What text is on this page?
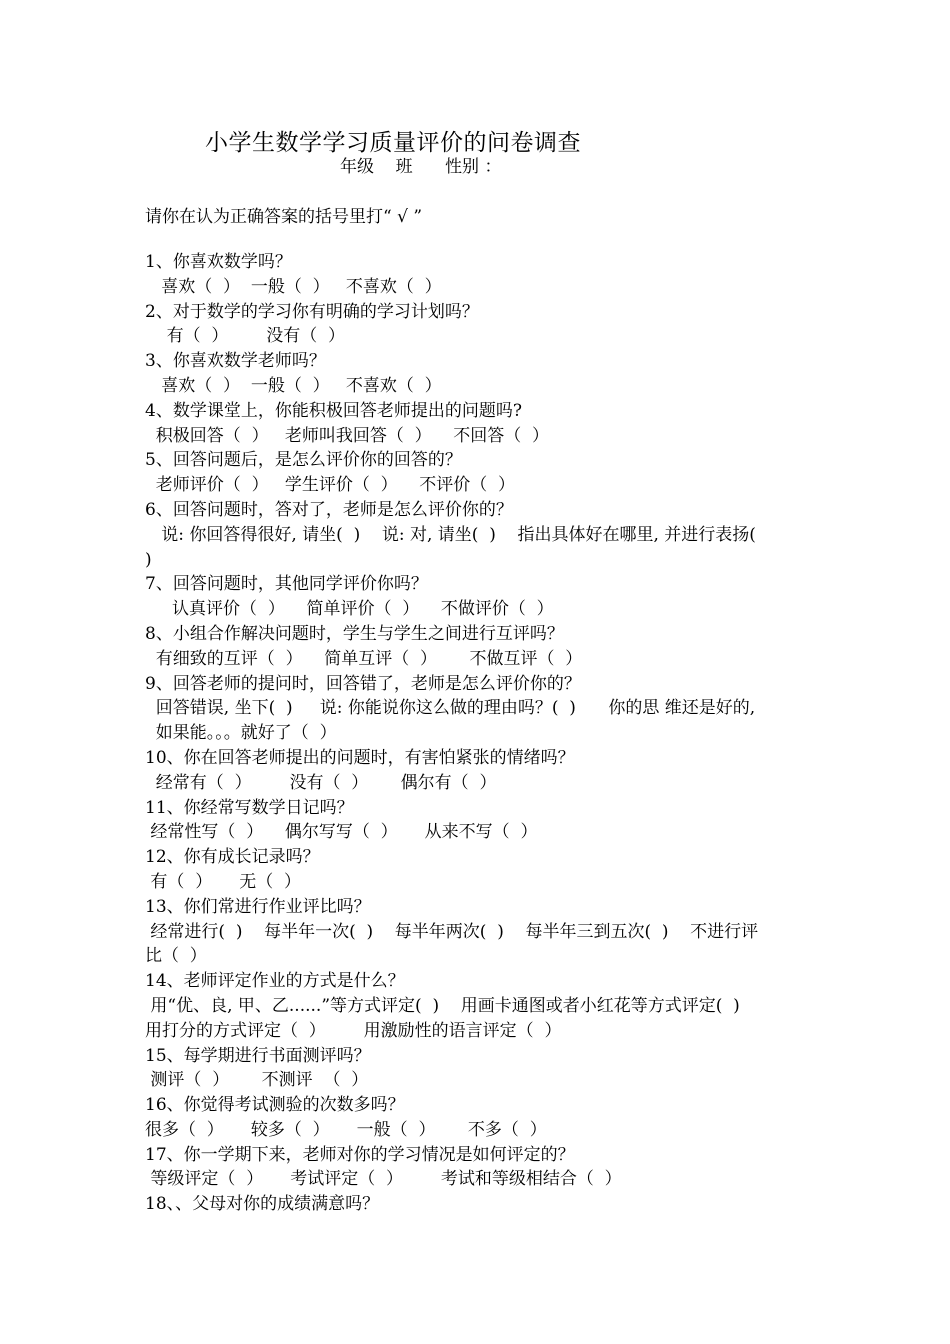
小学生数学学习质量评价的问卷调查
年级    班      性别 ：
请你在认为正确答案的括号里打“ √ ”
1、你喜欢数学吗？
喜欢（  ）  一般（  ）   不喜欢（  ）
2、对于数学的学习你有明确的学习计划吗？
有（  ）       没有（  ）
3、你喜欢数学老师吗？
喜欢（  ）  一般（  ）   不喜欢（  ）
4、数学课堂上，你能积极回答老师提出的问题吗?
积极回答（  ）   老师叫我回答（  ）    不回答（  ）
5、回答问题后，是怎么评价你的回答的？
老师评价（  ）   学生评价（  ）    不评价（  ）
6、回答问题时，答对了，老师是怎么评价你的？
说: 你回答得很好, 请坐(  )    说: 对, 请坐(  )    指出具体好在哪里, 并进行表扬(
)
7、回答问题时，其他同学评价你吗？
认真评价（  ）    简单评价（  ）    不做评价（  ）
8、小组合作解决问题时，学生与学生之间进行互评吗？
有细致的互评（  ）    简单互评（  ）      不做互评（  ）
9、回答老师的提问时，回答错了，老师是怎么评价你的？
回答错误, 坐下(  )     说: 你能说你这么做的理由吗？(  )      你的思 维还是好的,
如果能。。。就好了（  ）
10、你在回答老师提出的问题时，有害怕紧张的情绪吗？
经常有（  ）       没有（  ）      偶尔有（  ）
11、你经常写数学日记吗？
经常性写（  ）    偶尔写写（  ）     从来不写（  ）
12、你有成长记录吗？
有（  ）     无（  ）
13、你们常进行作业评比吗？
经常进行(  )    每半年一次(  )    每半年两次(  )    每半年三到五次(  )    不进行评
比（  ）
14、老师评定作业的方式是什么？
用“优、良, 甲、乙......”等方式评定(  )    用画卡通图或者小红花等方式评定(  )
用打分的方式评定（  ）       用激励性的语言评定（  ）
15、每学期进行书面测评吗？
测评（  ）      不测评  （  ）
16、你觉得考试测验的次数多吗？
很多（  ）     较多（  ）     一般（  ）      不多（  ）
17、你一学期下来，老师对你的学习情况是如何评定的？
等级评定（  ）     考试评定（  ）       考试和等级相结合（  ）
18、、父母对你的成绩满意吗？
